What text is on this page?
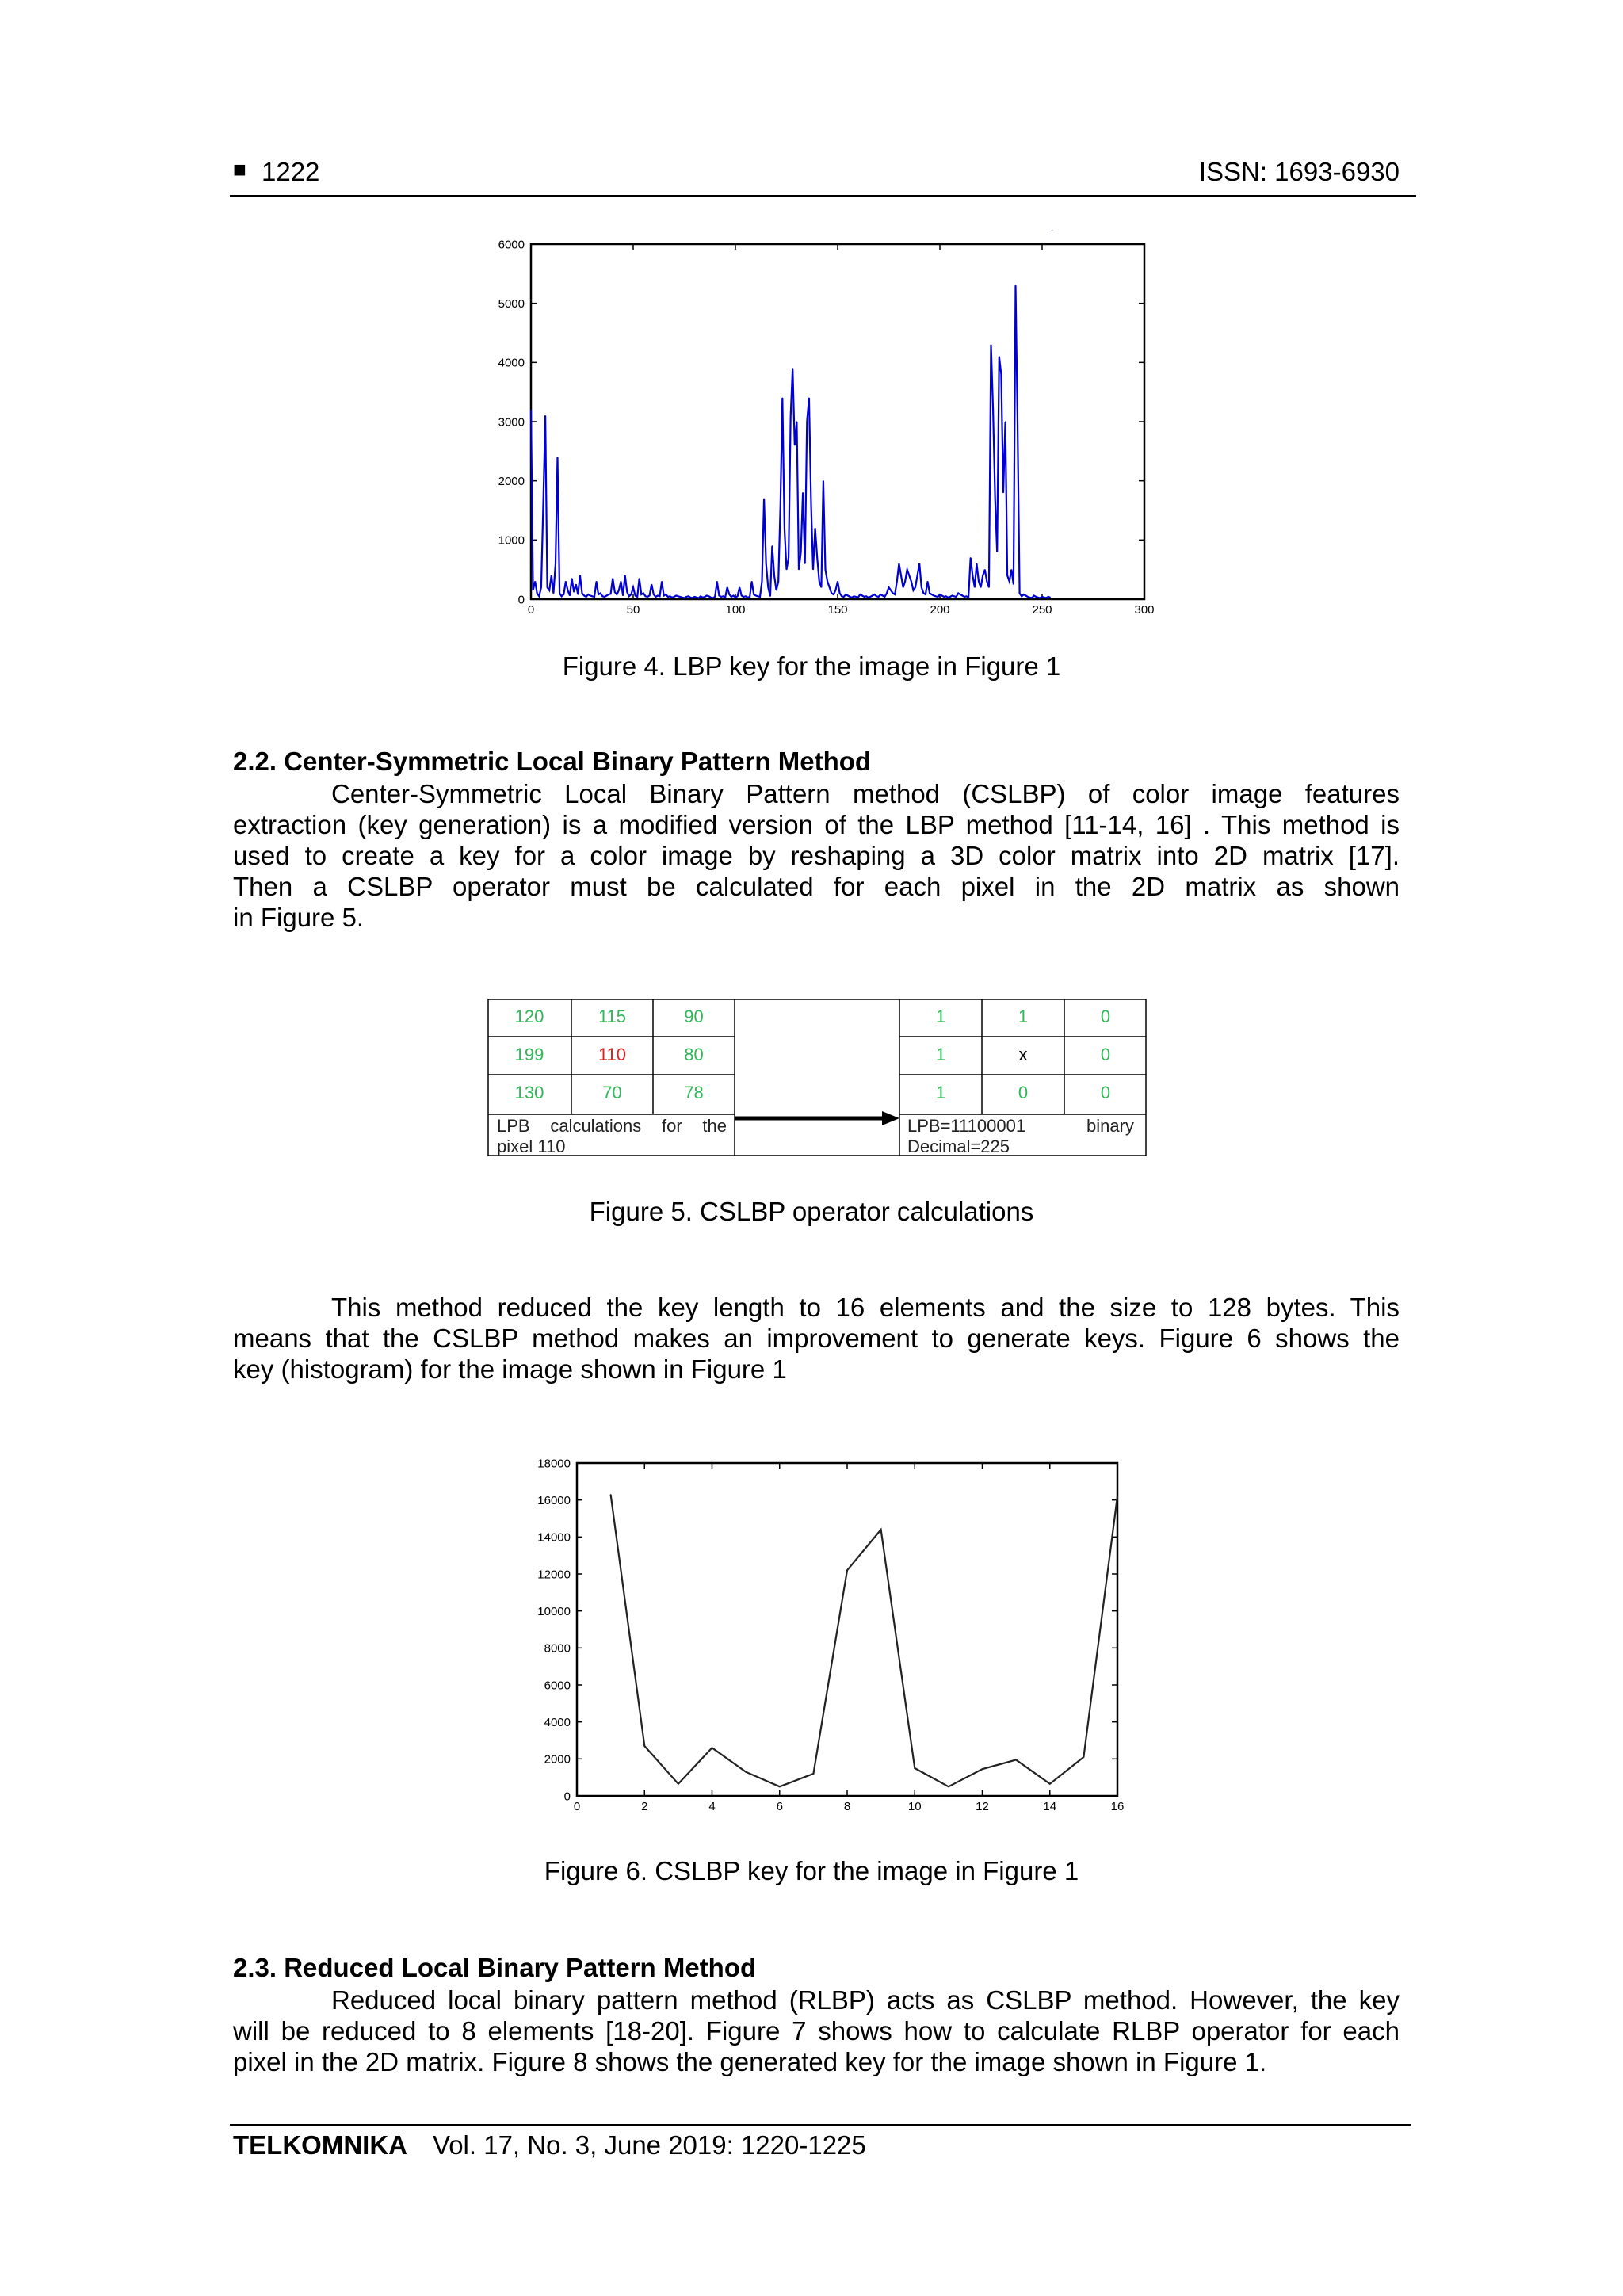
■ 1222	ISSN: 1693-6930
0	50	100	150	200	250	300
0
1000
2000
3000
4000
5000
6000
Figure 4. LBP key for the image in Figure 1
2.2. Center-Symmetric Local Binary Pattern Method
Center-Symmetric Local Binary Pattern method (CSLBP) of color image features
extraction (key generation) is a modified version of the LBP method [11-14, 16] . This method is
used to create a key for a color image by reshaping a 3D color matrix into 2D matrix [17].
Then a CSLBP operator must be calculated for each pixel in the 2D matrix as shown
in Figure 5.
120	115	90
199	110	80
130	70	78
1	1	0
1	x	0
1	0	0
LPB calculations for the
pixel 110
LPB=11100001	binary
Decimal=225
Figure 5. CSLBP operator calculations
This method reduced the key length to 16 elements and the size to 128 bytes. This
means that the CSLBP method makes an improvement to generate keys. Figure 6 shows the
key (histogram) for the image shown in Figure 1
0	2	4	6	8	10	12	14	16
0
2000
4000
6000
8000
10000
12000
14000
16000
18000
Figure 6. CSLBP key for the image in Figure 1
2.3. Reduced Local Binary Pattern Method
Reduced local binary pattern method (RLBP) acts as CSLBP method. However, the key
will be reduced to 8 elements [18-20]. Figure 7 shows how to calculate RLBP operator for each
pixel in the 2D matrix. Figure 8 shows the generated key for the image shown in Figure 1.
TELKOMNIKA Vol. 17, No. 3, June 2019: 1220-1225
